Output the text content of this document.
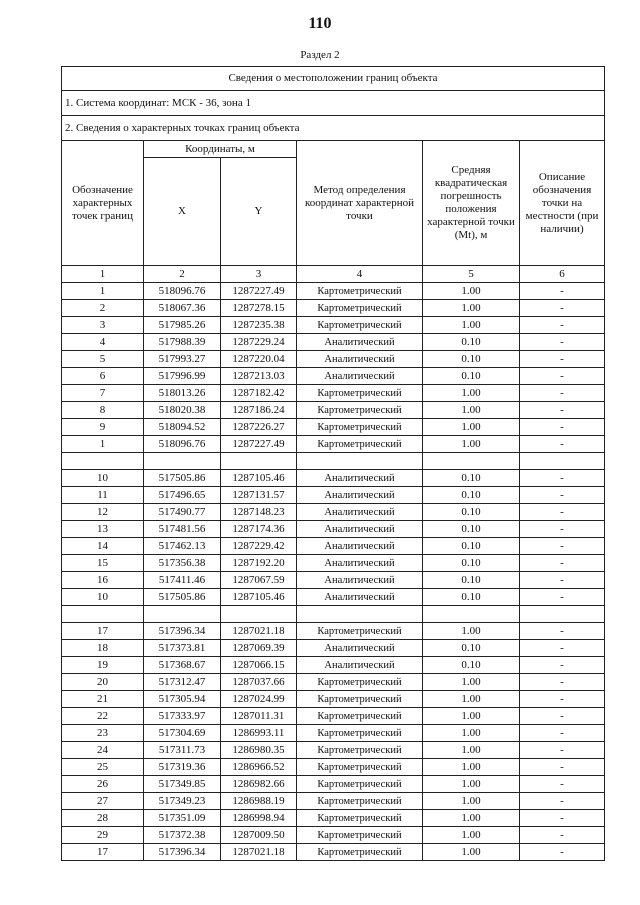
110
Раздел 2
Сведения о местоположении границ объекта					
1. Система координат: МСК - 36, зона 1					
2. Сведения о характерных точках границ объекта					
Обозначение характерных точек границ	Координаты, м		Метод определения координат характерной точки	Средняя квадратическая погрешность положения характерной точки (Mt), м	Описание обозначения точки на местности (при наличии)
	X	Y			
1	2	3	4	5	6
1	518096.76	1287227.49	Картометрический	1.00	-
2	518067.36	1287278.15	Картометрический	1.00	-
3	517985.26	1287235.38	Картометрический	1.00	-
4	517988.39	1287229.24	Аналитический	0.10	-
5	517993.27	1287220.04	Аналитический	0.10	-
6	517996.99	1287213.03	Аналитический	0.10	-
7	518013.26	1287182.42	Картометрический	1.00	-
8	518020.38	1287186.24	Картометрический	1.00	-
9	518094.52	1287226.27	Картометрический	1.00	-
1	518096.76	1287227.49	Картометрический	1.00	-

10	517505.86	1287105.46	Аналитический	0.10	-
11	517496.65	1287131.57	Аналитический	0.10	-
12	517490.77	1287148.23	Аналитический	0.10	-
13	517481.56	1287174.36	Аналитический	0.10	-
14	517462.13	1287229.42	Аналитический	0.10	-
15	517356.38	1287192.20	Аналитический	0.10	-
16	517411.46	1287067.59	Аналитический	0.10	-
10	517505.86	1287105.46	Аналитический	0.10	-

17	517396.34	1287021.18	Картометрический	1.00	-
18	517373.81	1287069.39	Аналитический	0.10	-
19	517368.67	1287066.15	Аналитический	0.10	-
20	517312.47	1287037.66	Картометрический	1.00	-
21	517305.94	1287024.99	Картометрический	1.00	-
22	517333.97	1287011.31	Картометрический	1.00	-
23	517304.69	1286993.11	Картометрический	1.00	-
24	517311.73	1286980.35	Картометрический	1.00	-
25	517319.36	1286966.52	Картометрический	1.00	-
26	517349.85	1286982.66	Картометрический	1.00	-
27	517349.23	1286988.19	Картометрический	1.00	-
28	517351.09	1286998.94	Картометрический	1.00	-
29	517372.38	1287009.50	Картометрический	1.00	-
17	517396.34	1287021.18	Картометрический	1.00	-
